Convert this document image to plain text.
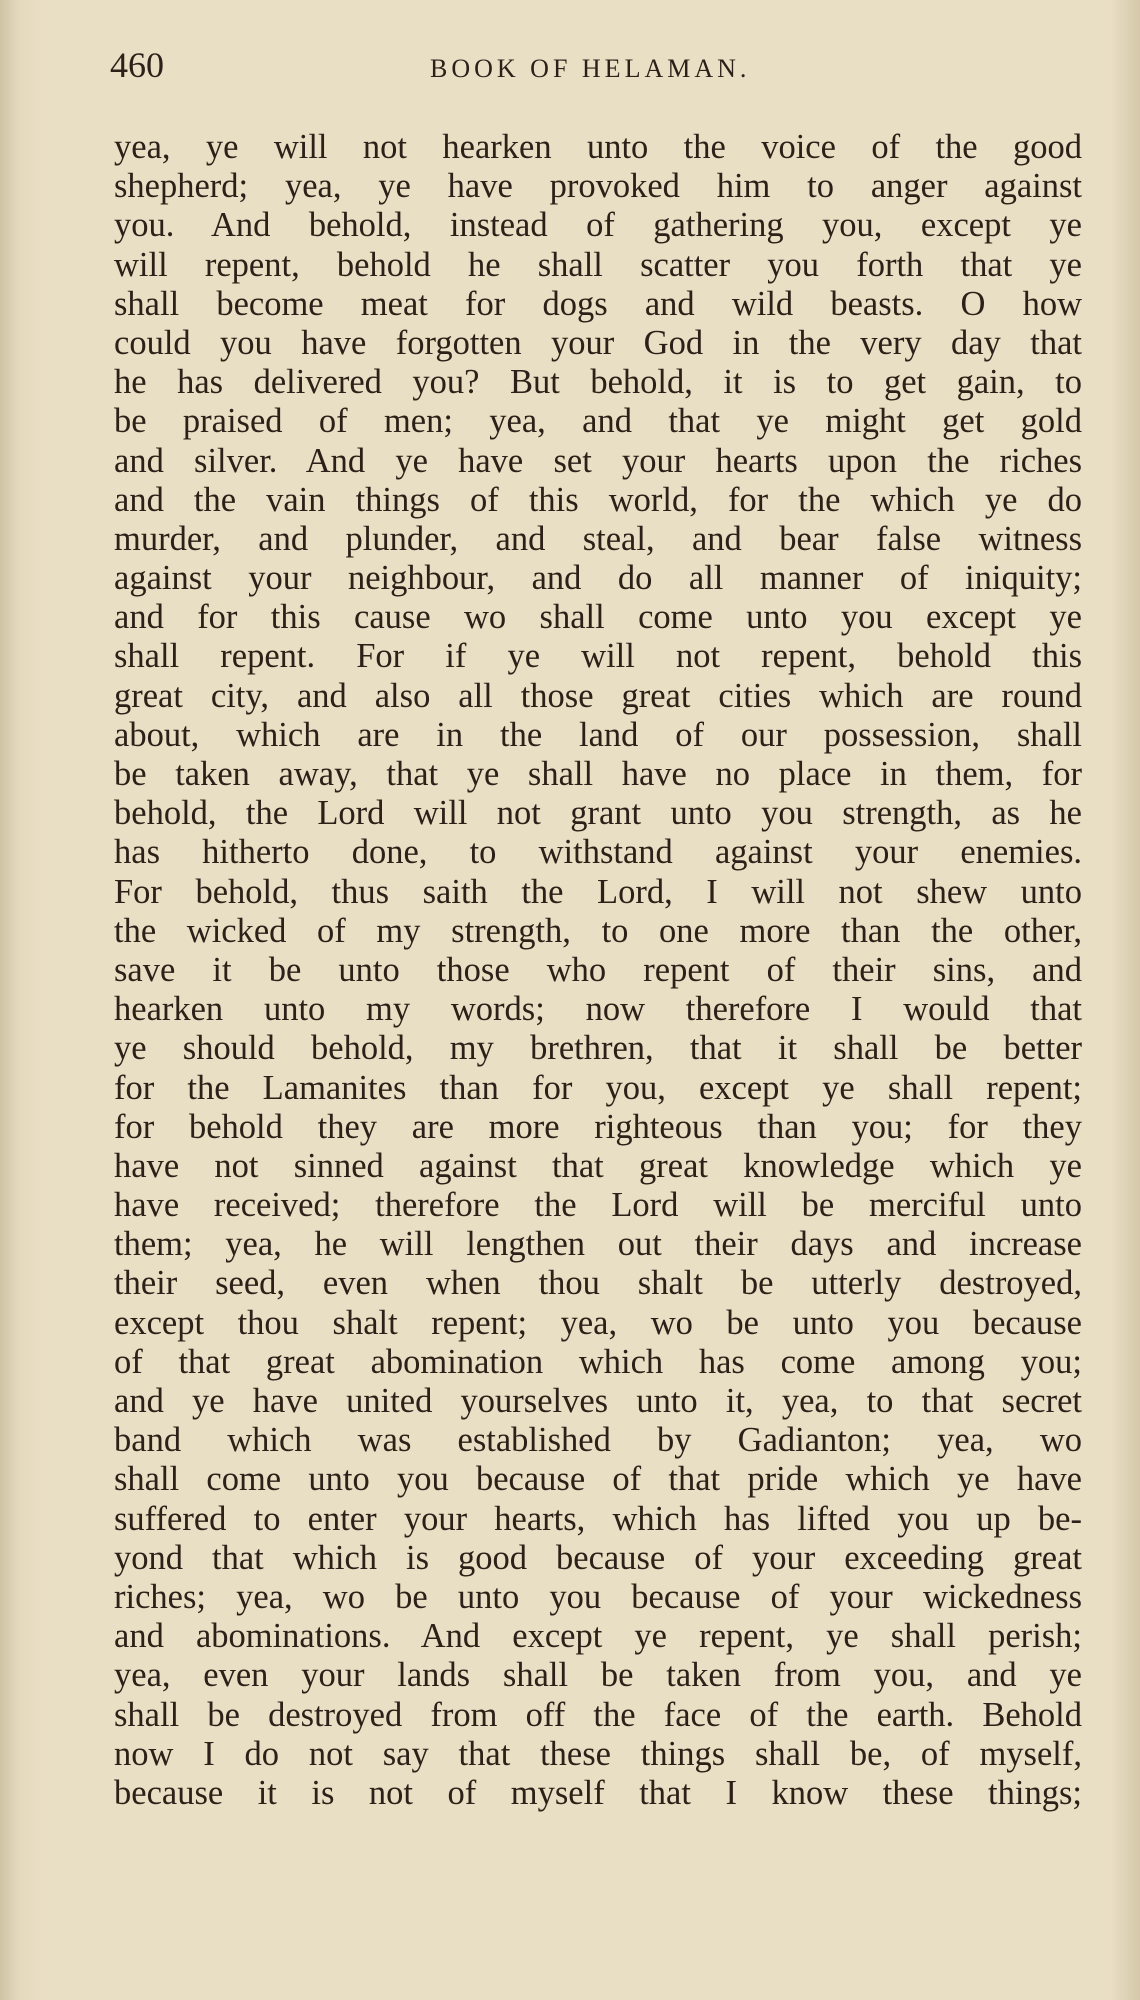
460	BOOK OF HELAMAN.
yea, ye will not hearken unto the voice of the good
shepherd; yea, ye have provoked him to anger against
you. And behold, instead of gathering you, except ye
will repent, behold he shall scatter you forth that ye
shall become meat for dogs and wild beasts. O how
could you have forgotten your God in the very day that
he has delivered you? But behold, it is to get gain, to
be praised of men; yea, and that ye might get gold
and silver. And ye have set your hearts upon the riches
and the vain things of this world, for the which ye do
murder, and plunder, and steal, and bear false witness
against your neighbour, and do all manner of iniquity;
and for this cause wo shall come unto you except ye
shall repent. For if ye will not repent, behold this
great city, and also all those great cities which are round
about, which are in the land of our possession, shall
be taken away, that ye shall have no place in them, for
behold, the Lord will not grant unto you strength, as he
has hitherto done, to withstand against your enemies.
For behold, thus saith the Lord, I will not shew unto
the wicked of my strength, to one more than the other,
save it be unto those who repent of their sins, and
hearken unto my words; now therefore I would that
ye should behold, my brethren, that it shall be better
for the Lamanites than for you, except ye shall repent;
for behold they are more righteous than you; for they
have not sinned against that great knowledge which ye
have received; therefore the Lord will be merciful unto
them; yea, he will lengthen out their days and increase
their seed, even when thou shalt be utterly destroyed,
except thou shalt repent; yea, wo be unto you because
of that great abomination which has come among you;
and ye have united yourselves unto it, yea, to that secret
band which was established by Gadianton; yea, wo
shall come unto you because of that pride which ye have
suffered to enter your hearts, which has lifted you up be-
yond that which is good because of your exceeding great
riches; yea, wo be unto you because of your wickedness
and abominations. And except ye repent, ye shall perish;
yea, even your lands shall be taken from you, and ye
shall be destroyed from off the face of the earth. Behold
now I do not say that these things shall be, of myself,
because it is not of myself that I know these things;
